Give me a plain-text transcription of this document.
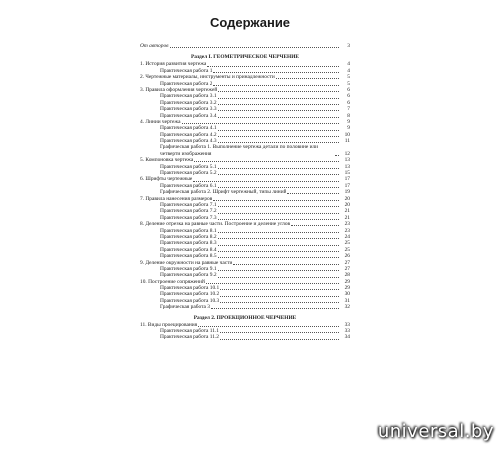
Содержание
От авторов	3
Раздел I. ГЕОМЕТРИЧЕСКОЕ ЧЕРЧЕНИЕ
1. История развития чертежа	4
Практическая работа 1	4
2. Чертежные материалы, инструменты и принадлежности	5
Практическая работа 2	5
3. Правила оформления чертежей	6
Практическая работа 3.1	6
Практическая работа 3.2	6
Практическая работа 3.3	7
Практическая работа 3.4	8
4. Линии чертежа	9
Практическая работа 4.1	9
Практическая работа 4.2	10
Практическая работа 4.3	11
Графическая работа 1. Выполнение чертежа детали по половине или четверти изображения	12
5. Компоновка чертежа	13
Практическая работа 5.1	13
Практическая работа 5.2	15
6. Шрифты чертежные	17
Практическая работа 6.1	17
Графическая работа 2. Шрифт чертежный, типы линий	19
7. Правила нанесения размеров	20
Практическая работа 7.1	20
Практическая работа 7.2	21
Практическая работа 7.3	21
8. Деление отрезка на равные части. Построение и деление углов	23
Практическая работа 8.1	23
Практическая работа 8.2	24
Практическая работа 8.3	25
Практическая работа 8.4	25
Практическая работа 8.5	26
9. Деление окружности на равные части	27
Практическая работа 9.1	27
Практическая работа 9.2	28
10. Построение сопряжений	29
Практическая работа 10.1	29
Практическая работа 10.2	30
Практическая работа 10.3	31
Графическая работа 3	32
Раздел 2. ПРОЕКЦИОННОЕ ЧЕРЧЕНИЕ
11. Виды проецирования	33
Практическая работа 11.1	33
Практическая работа 11.2	34
universal.by
